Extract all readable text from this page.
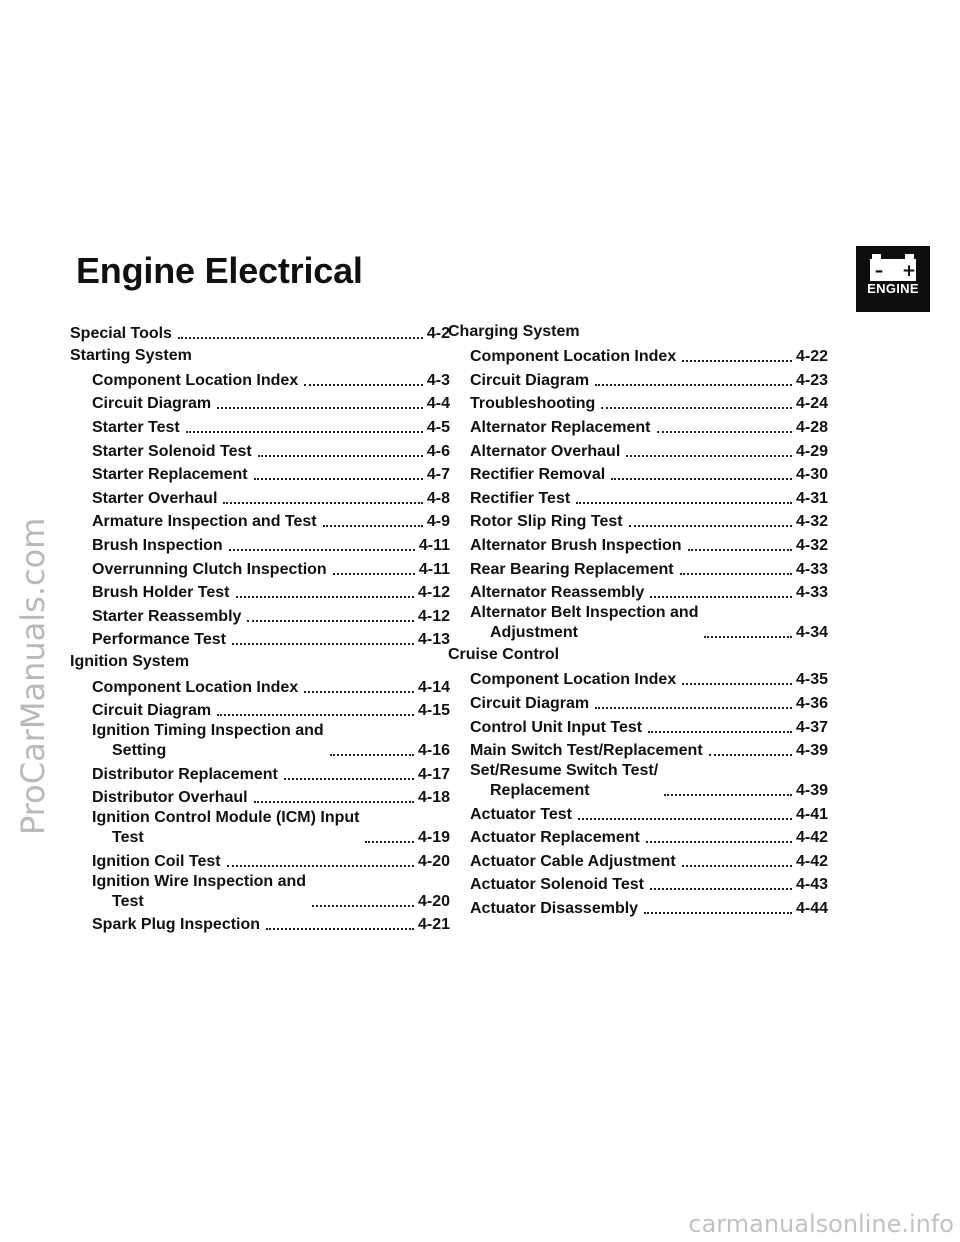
ProCarManuals.com
carmanualsonline.info
Engine Electrical	– +
ENGINE
Special Tools	4-2
Starting System
Component Location Index	4-3
Circuit Diagram	4-4
Starter Test	4-5
Starter Solenoid Test	4-6
Starter Replacement	4-7
Starter Overhaul	4-8
Armature Inspection and Test	4-9
Brush Inspection	4-11
Overrunning Clutch Inspection	4-11
Brush Holder Test	4-12
Starter Reassembly	4-12
Performance Test	4-13
Ignition System
Component Location Index	4-14
Circuit Diagram	4-15
Ignition Timing Inspection and
Setting	4-16
Distributor Replacement	4-17
Distributor Overhaul	4-18
Ignition Control Module (ICM) Input
Test	4-19
Ignition Coil Test	4-20
Ignition Wire Inspection and
Test	4-20
Spark Plug Inspection	4-21
Charging System
Component Location Index	4-22
Circuit Diagram	4-23
Troubleshooting	4-24
Alternator Replacement	4-28
Alternator Overhaul	4-29
Rectifier Removal	4-30
Rectifier Test	4-31
Rotor Slip Ring Test	4-32
Alternator Brush Inspection	4-32
Rear Bearing Replacement	4-33
Alternator Reassembly	4-33
Alternator Belt Inspection and
Adjustment	4-34
Cruise Control
Component Location Index	4-35
Circuit Diagram	4-36
Control Unit Input Test	4-37
Main Switch Test/Replacement	4-39
Set/Resume Switch Test/
Replacement	4-39
Actuator Test	4-41
Actuator Replacement	4-42
Actuator Cable Adjustment	4-42
Actuator Solenoid Test	4-43
Actuator Disassembly	4-44
